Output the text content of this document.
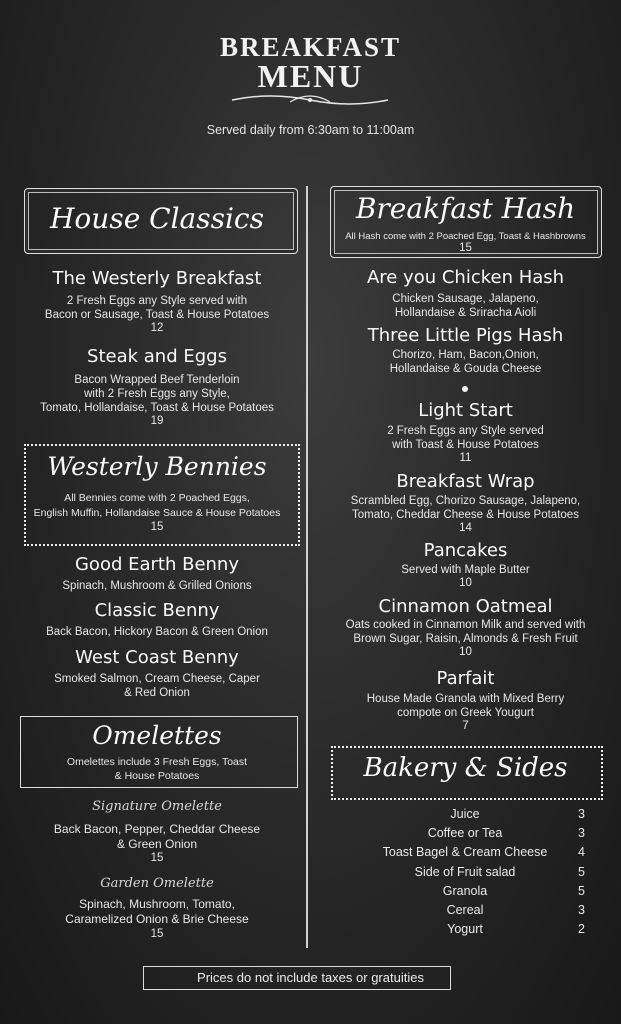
BREAKFAST
MENU
Served daily from 6:30am to 11:00am
House Classics
The Westerly Breakfast
2 Fresh Eggs any Style served with
Bacon or Sausage, Toast & House Potatoes
12
Steak and Eggs
Bacon Wrapped Beef Tenderloin
with 2 Fresh Eggs any Style,
Tomato, Hollandaise, Toast & House Potatoes
19
Westerly Bennies
All Bennies come with 2 Poached Eggs,
English Muffin, Hollandaise Sauce & House Potatoes
15
Good Earth Benny
Spinach, Mushroom & Grilled Onions
Classic Benny
Back Bacon, Hickory Bacon & Green Onion
West Coast Benny
Smoked Salmon, Cream Cheese, Caper
& Red Onion
Omelettes
Omelettes include 3 Fresh Eggs, Toast
& House Potatoes
Signature Omelette
Back Bacon, Pepper, Cheddar Cheese
& Green Onion
15
Garden Omelette
Spinach, Mushroom, Tomato,
Caramelized Onion & Brie Cheese
15
Breakfast Hash
All Hash come with 2 Poached Egg, Toast & Hashbrowns
15
Are you Chicken Hash
Chicken Sausage, Jalapeno,
Hollandaise & Sriracha Aioli
Three Little Pigs Hash
Chorizo, Ham, Bacon,Onion,
Hollandaise & Gouda Cheese
Light Start
2 Fresh Eggs any Style served
with Toast & House Potatoes
11
Breakfast Wrap
Scrambled Egg, Chorizo Sausage, Jalapeno,
Tomato, Cheddar Cheese & House Potatoes
14
Pancakes
Served with Maple Butter
10
Cinnamon Oatmeal
Oats cooked in Cinnamon Milk and served with
Brown Sugar, Raisin, Almonds & Fresh Fruit
10
Parfait
House Made Granola with Mixed Berry
compote on Greek Yougurt
7
Bakery & Sides
Juice	3
Coffee or Tea	3
Toast Bagel & Cream Cheese	4
Side of Fruit salad	5
Granola	5
Cereal	3
Yogurt	2
Prices do not include taxes or gratuities
